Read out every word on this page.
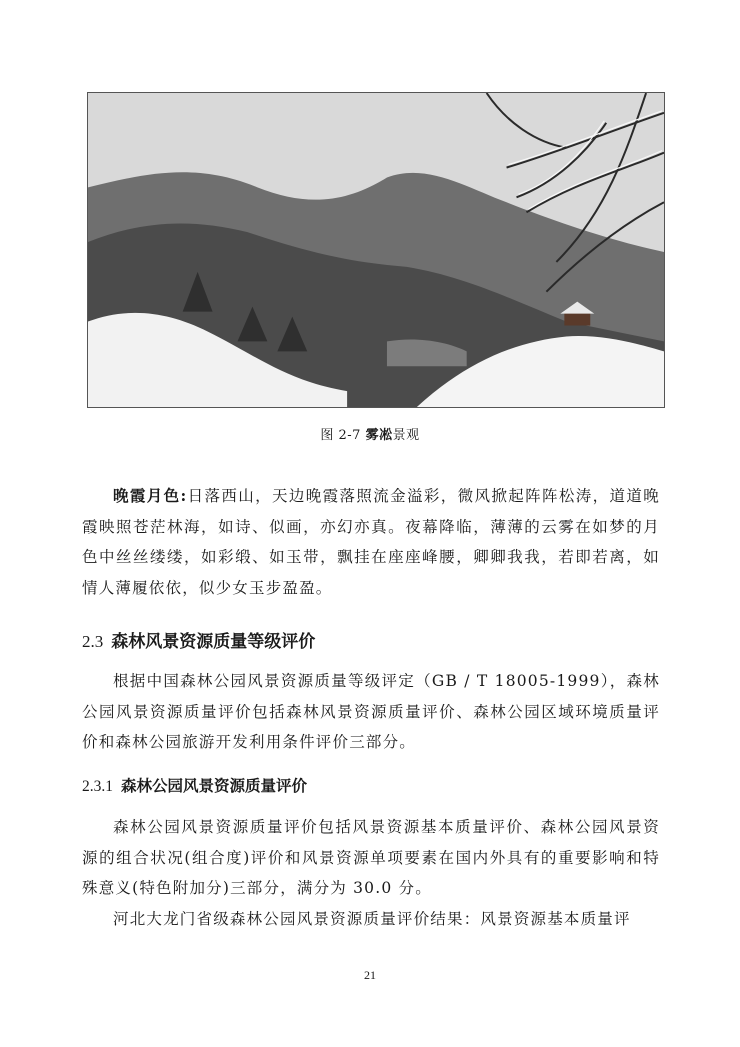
图 2-7 雾凇景观

晚霞月色:日落西山，天边晚霞落照流金溢彩，微风掀起阵阵松涛，道道晚霞映照苍茫林海，如诗、似画，亦幻亦真。夜幕降临，薄薄的云雾在如梦的月色中丝丝缕缕，如彩缎、如玉带，飘挂在座座峰腰，卿卿我我，若即若离，如情人薄履依依，似少女玉步盈盈。

2.3 森林风景资源质量等级评价

根据中国森林公园风景资源质量等级评定（GB / T 18005-1999），森林公园风景资源质量评价包括森林风景资源质量评价、森林公园区域环境质量评价和森林公园旅游开发利用条件评价三部分。

2.3.1 森林公园风景资源质量评价

森林公园风景资源质量评价包括风景资源基本质量评价、森林公园风景资源的组合状况(组合度)评价和风景资源单项要素在国内外具有的重要影响和特殊意义(特色附加分)三部分，满分为 30.0 分。

河北大龙门省级森林公园风景资源质量评价结果：风景资源基本质量评

21
